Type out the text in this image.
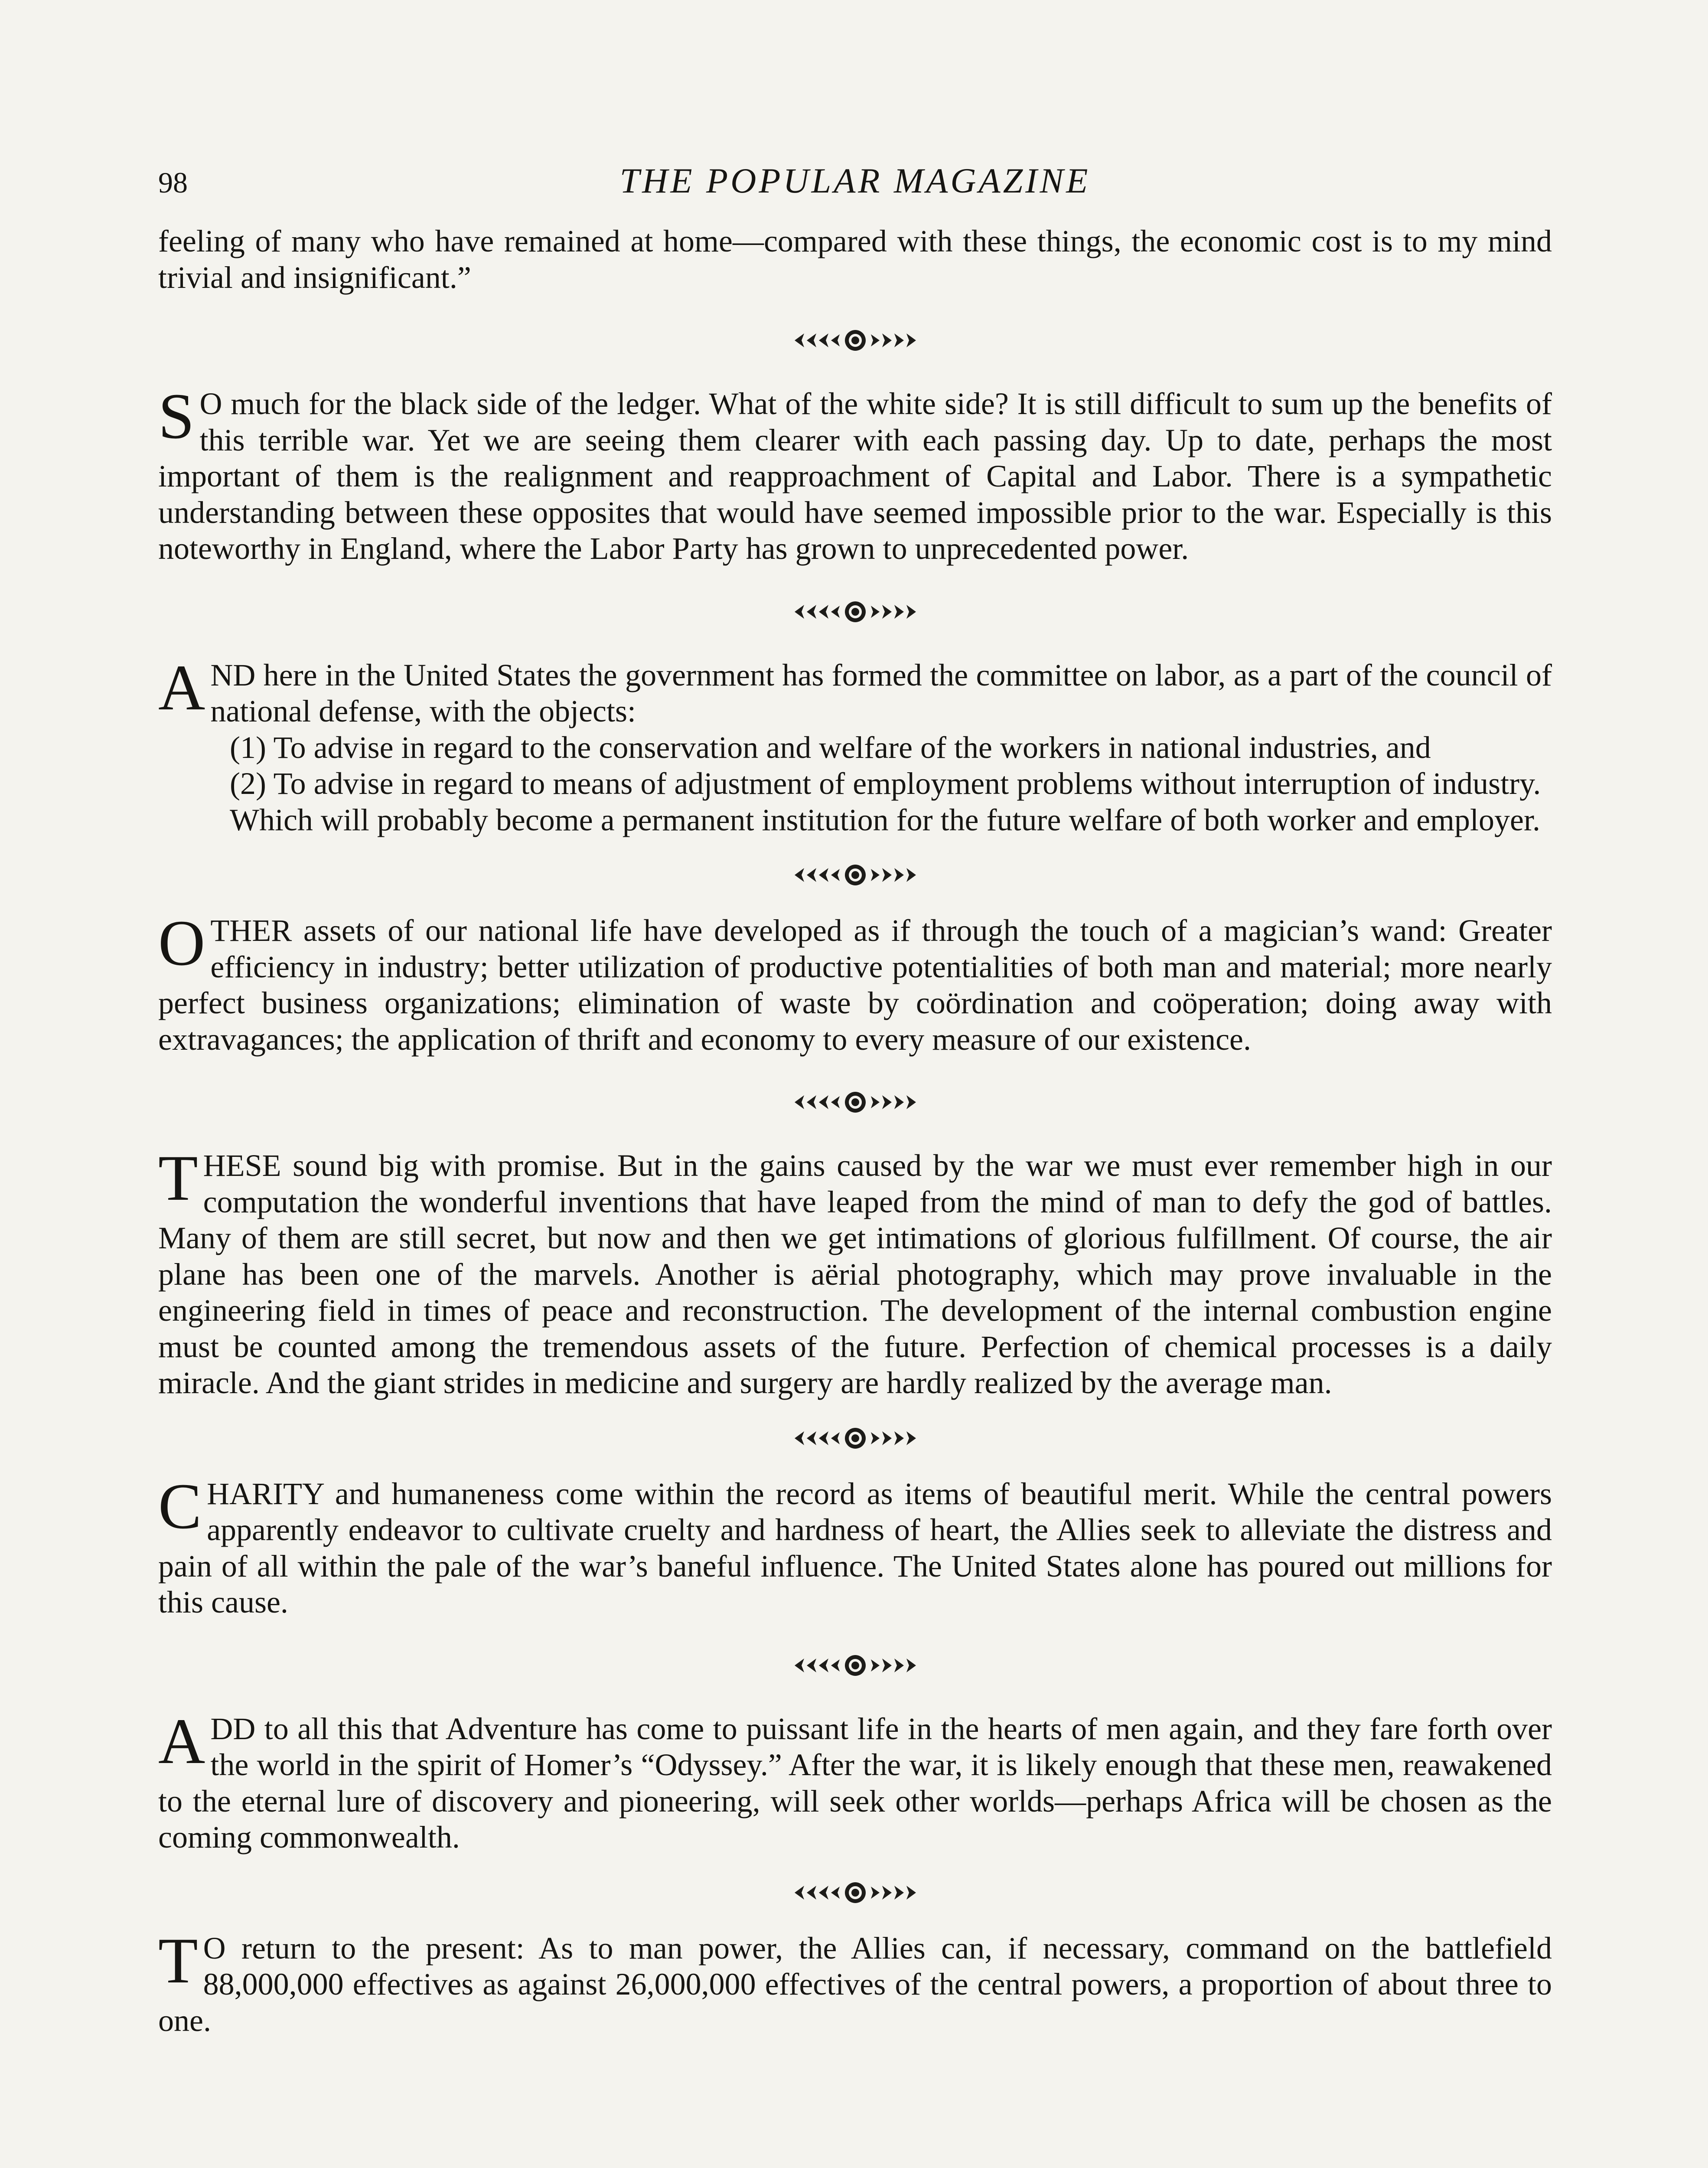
98	THE POPULAR MAGAZINE

feeling of many who have remained at home—compared with these things, the economic cost is to my mind trivial and insignificant.”

S O much for the black side of the ledger. What of the white side? It is still difficult to sum up the benefits of this terrible war. Yet we are seeing them clearer with each passing day. Up to date, perhaps the most important of them is the realignment and reapproachment of Capital and Labor. There is a sympathetic understanding between these opposites that would have seemed impossible prior to the war. Especially is this noteworthy in England, where the Labor Party has grown to unprecedented power.

A ND here in the United States the government has formed the committee on labor, as a part of the council of national defense, with the objects:

(1) To advise in regard to the conservation and welfare of the workers in national industries, and

(2) To advise in regard to means of adjustment of employment problems without interruption of industry.

Which will probably become a permanent institution for the future welfare of both worker and employer.

O THER assets of our national life have developed as if through the touch of a magician’s wand: Greater efficiency in industry; better utilization of productive potentialities of both man and material; more nearly perfect business organizations; elimination of waste by coördination and coöperation; doing away with extravagances; the application of thrift and economy to every measure of our existence.

T HESE sound big with promise. But in the gains caused by the war we must ever remember high in our computation the wonderful inventions that have leaped from the mind of man to defy the god of battles. Many of them are still secret, but now and then we get intimations of glorious fulfillment. Of course, the air plane has been one of the marvels. Another is aërial photography, which may prove invaluable in the engineering field in times of peace and reconstruction. The development of the internal combustion engine must be counted among the tremendous assets of the future. Perfection of chemical processes is a daily miracle. And the giant strides in medicine and surgery are hardly realized by the average man.

C HARITY and humaneness come within the record as items of beautiful merit. While the central powers apparently endeavor to cultivate cruelty and hardness of heart, the Allies seek to alleviate the distress and pain of all within the pale of the war’s baneful influence. The United States alone has poured out millions for this cause.

A DD to all this that Adventure has come to puissant life in the hearts of men again, and they fare forth over the world in the spirit of Homer’s “Odyssey.” After the war, it is likely enough that these men, reawakened to the eternal lure of discovery and pioneering, will seek other worlds—perhaps Africa will be chosen as the coming commonwealth.

T O return to the present: As to man power, the Allies can, if necessary, command on the battlefield 88,000,000 effectives as against 26,000,000 effectives of the central powers, a proportion of about three to one.
